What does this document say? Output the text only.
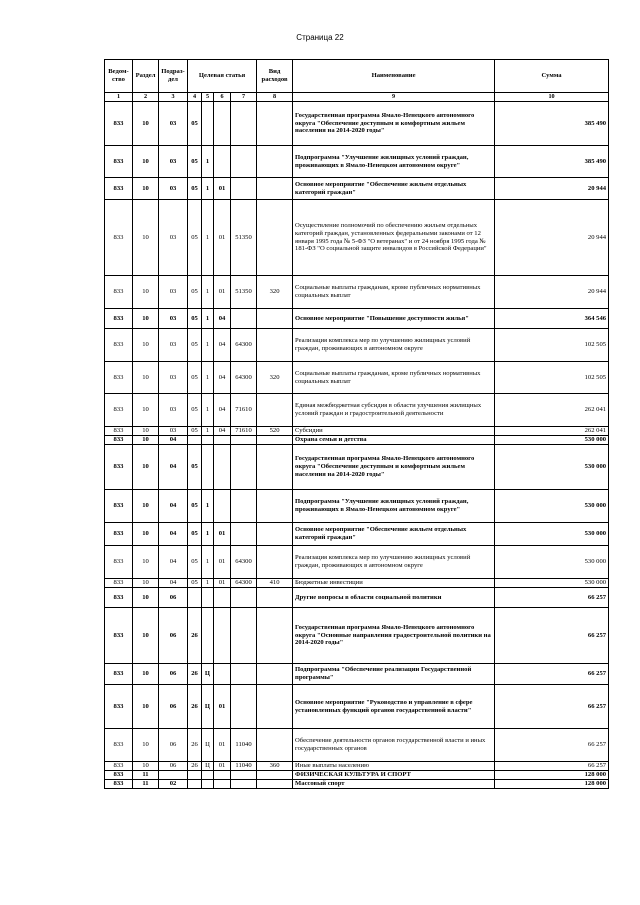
Страница 22
Ведом-ство	Раздел	Подраз-дел	Целевая статья				Вид расходов	Наименование	Сумма
1	2	3	4	5	6	7	8	9	10
833	10	03	05					Государственная программа Ямало-Ненецкого автономного округа "Обеспечение доступным и комфортным жильем населения на 2014-2020 годы"	385 490
833	10	03	05	1				Подпрограмма "Улучшение жилищных условий граждан, проживающих в Ямало-Ненецком автономном округе"	385 490
833	10	03	05	1	01			Основное мероприятие "Обеспечение жильем отдельных категорий граждан"	20 944
833	10	03	05	1	01	51350		Осуществление полномочий по обеспечению жильем отдельных категорий граждан, установленных федеральными законами от 12 января 1995 года № 5-ФЗ "О ветеранах" и от 24 ноября 1995 года № 181-ФЗ "О социальной защите инвалидов в Российской Федерации"	20 944
833	10	03	05	1	01	51350	320	Социальные выплаты гражданам, кроме публичных нормативных социальных выплат	20 944
833	10	03	05	1	04			Основное мероприятие "Повышение доступности жилья"	364 546
833	10	03	05	1	04	64300		Реализация комплекса мер по улучшению жилищных условий граждан, проживающих в автономном округе	102 505
833	10	03	05	1	04	64300	320	Социальные выплаты гражданам, кроме публичных нормативных социальных выплат	102 505
833	10	03	05	1	04	71610		Единая межбюджетная субсидия в области улучшения жилищных условий граждан и градостроительной деятельности	262 041
833	10	03	05	1	04	71610	520	Субсидии	262 041
833	10	04						Охрана семьи и детства	530 000
833	10	04	05					Государственная программа Ямало-Ненецкого автономного округа "Обеспечение доступным и комфортным жильем населения на 2014-2020 годы"	530 000
833	10	04	05	1				Подпрограмма "Улучшение жилищных условий граждан, проживающих в Ямало-Ненецком автономном округе"	530 000
833	10	04	05	1	01			Основное мероприятие "Обеспечение жильем отдельных категорий граждан"	530 000
833	10	04	05	1	01	64300		Реализация комплекса мер по улучшению жилищных условий граждан, проживающих в автономном округе	530 000
833	10	04	05	1	01	64300	410	Бюджетные инвестиции	530 000
833	10	06						Другие вопросы в области социальной политики	66 257
833	10	06	26					Государственная программа Ямало-Ненецкого автономного округа "Основные направления градостроительной политики на 2014-2020 годы"	66 257
833	10	06	26	Ц				Подпрограмма "Обеспечение реализации Государственной программы"	66 257
833	10	06	26	Ц	01			Основное мероприятие "Руководство и управление в сфере установленных функций органов государственной власти"	66 257
833	10	06	26	Ц	01	11040		Обеспечение деятельности органов государственной власти и иных государственных органов	66 257
833	10	06	26	Ц	01	11040	360	Иные выплаты населению	66 257
833	11							ФИЗИЧЕСКАЯ КУЛЬТУРА И СПОРТ	128 000
833	11	02						Массовый спорт	128 000
